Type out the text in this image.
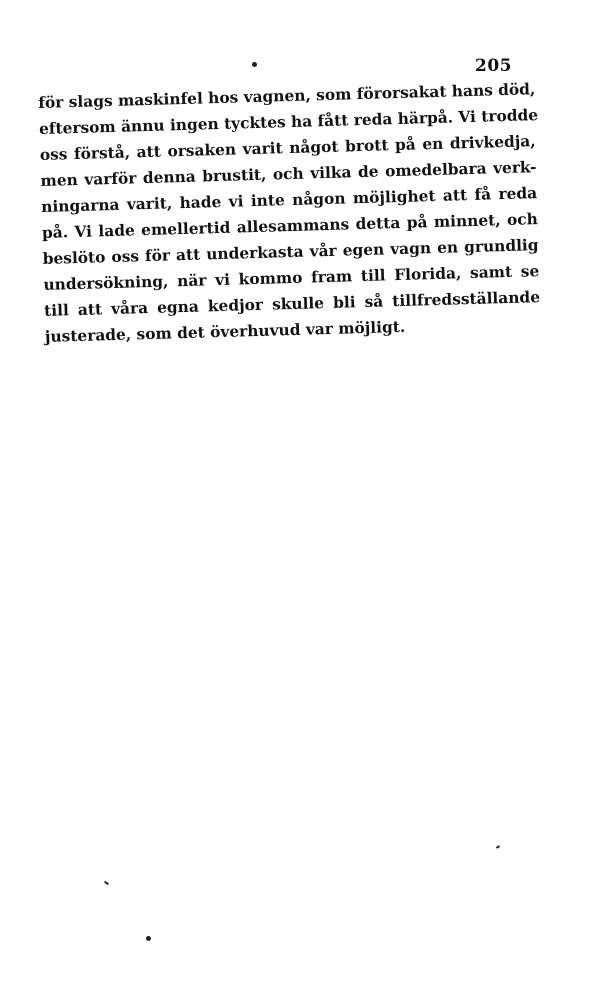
205
för slags maskinfel hos vagnen, som förorsakat hans död,
eftersom ännu ingen tycktes ha fått reda härpå. Vi trodde
oss förstå, att orsaken varit något brott på en drivkedja,
men varför denna brustit, och vilka de omedelbara verk-
ningarna varit, hade vi inte någon möjlighet att få reda
på. Vi lade emellertid allesammans detta på minnet, och
beslöto oss för att underkasta vår egen vagn en grundlig
undersökning, när vi kommo fram till Florida, samt se
till att våra egna kedjor skulle bli så tillfredsställande
justerade, som det överhuvud var möjligt.
